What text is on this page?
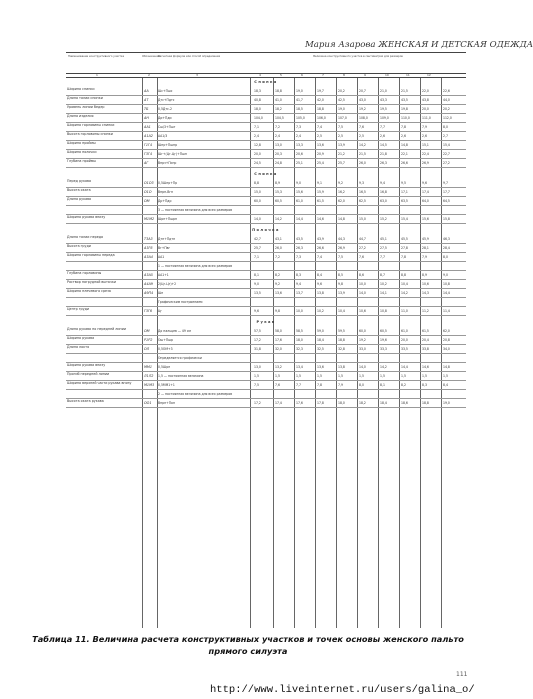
Мария Азарова ЖЕНСКАЯ И ДЕТСКАЯ ОДЕЖДА
Наименование конструктивного участка	Обозначение
Расчетная формула или способ определения	Величина конструктивного участка в сантиметрах для размеров
1	2	3	4	5	6	7	8	9	10	11	12
Спинка
Ширина спинки	АА	Шс+Пшс	18,3	18,8	19,0	19,7	20,2	20,7	21,0	21,5	22,0	22,6
Длина талии спинки	АТ	Дтс+Пдтс	40,8	41,0	41,7	42,0	42,5	43,0	43,3	43,5	43,8	44,0
Уровень линии бедер	ТБ	0,5Дтс-2	18,0	18,2	18,5	18,8	19,0	19,2	19,5	19,8	20,0	20,2
Длина изделия	АН	Ди+Пди	104,0	104,5	105,0	106,0	107,0	108,0	109,0	110,0	111,0	112,0
Ширина горловины спинки	АА1	Сш/3+Пшг	7,1	7,2	7,3	7,4	7,5	7,6	7,7	7,8	7,9	8,0
Высота горловины спинки	А1А2	АА1/3	2,4	2,4	2,4	2,5	2,5	2,5	2,6	2,6	2,6	2,7
Ширина проймы	Г1Г4	Шпр+Пшпр	12,8	13,0	13,3	13,6	13,9	14,2	14,5	14,8	15,1	15,4
Ширина полочки	Г3Г4	Шг+(Цг-Цг)+Пшп	20,0	20,3	20,6	20,9	21,2	21,5	21,8	22,1	22,4	22,7
Глубина проймы	АГ	Впрз+Пспр	24,5	24,8	25,1	25,4	25,7	26,0	26,3	26,6	26,9	27,2
Спинка
Перед рукава	О1О3	0,5Шпр+Пр	8,8	8,9	9,0	9,1	9,2	9,3	9,4	9,5	9,6	9,7
Высота оката	О1О	Впрп-Вгп	15,0	15,3	15,6	15,9	16,2	16,5	16,8	17,1	17,4	17,7
Длина рукава	ОМ	Др+Пдр	60,0	60,5	61,0	61,5	62,0	62,5	63,0	63,5	64,0	64,5
3 — постоянная величина для всех размеров
Ширина рукава внизу	М1М2	Шрн+Пшрн	14,0	14,2	14,4	14,6	14,8	15,0	15,2	15,4	15,6	15,8
Полочка
Длина талии переда	Т3А3	Дтп+Пдтп	42,7	43,1	43,5	43,9	44,3	44,7	45,1	45,5	45,9	46,3
Высота груди	А3Г6	Вг+Пвг	25,7	26,0	26,3	26,6	26,9	27,2	27,5	27,8	28,1	28,4
Ширина горловины переда	А3А4	АА1	7,1	7,2	7,3	7,4	7,5	7,6	7,7	7,8	7,9	8,0
1 — постоянная величина для всех размеров
Глубина горловины	А3А5	АА1+1	8,1	8,2	8,3	8,4	8,5	8,6	8,7	8,8	8,9	9,0
Раствор нагрудной вытачки	А4А9	2(Цг-Цг)+2	9,0	9,2	9,4	9,6	9,8	10,0	10,2	10,4	10,6	10,8
Ширина плечевого среза	А9П4	Шп	13,5	13,6	13,7	13,8	13,9	14,0	14,1	14,2	14,3	14,4
Графическим построением
Центр груди	Г3Г6	Цг	9,6	9,8	10,0	10,2	10,4	10,6	10,8	11,0	11,2	11,4
Рукав
Длина рукава по передней линии	ОМ	До пальцев — 49 см	57,5	58,0	58,5	59,0	59,5	60,0	60,5	61,0	61,5	62,0
Ширина рукава	Р1Р2	Ош+Пшр	17,2	17,6	18,0	18,4	18,8	19,2	19,6	20,0	20,4	20,8
Длина локтя	ОЛ	0,5ОМ+3	31,8	32,0	32,3	32,5	32,8	33,0	33,3	33,5	33,8	34,0
Определяется графически
Ширина рукава внизу	ММ1	0,5Шрн	13,0	13,2	13,4	13,6	13,8	14,0	14,2	14,4	14,6	14,8
Прогиб передней линии	Л1Л2	1,5 — постоянная величина	1,5	1,5	1,5	1,5	1,5	1,5	1,5	1,5	1,5	1,5
Ширина верхней части рукава внизу	М1М3	0,5ММ1+1	7,5	7,6	7,7	7,8	7,9	8,0	8,1	8,2	8,3	8,4
2 — постоянная величина для всех размеров
Высота оката рукава	ОО1	Впрп+Поп	17,2	17,4	17,6	17,8	18,0	18,2	18,4	18,6	18,8	19,0
111
Таблица 11. Величина расчета конструктивных участков и точек основы женского пальто прямого силуэта
http://www.liveinternet.ru/users/galina_o/
